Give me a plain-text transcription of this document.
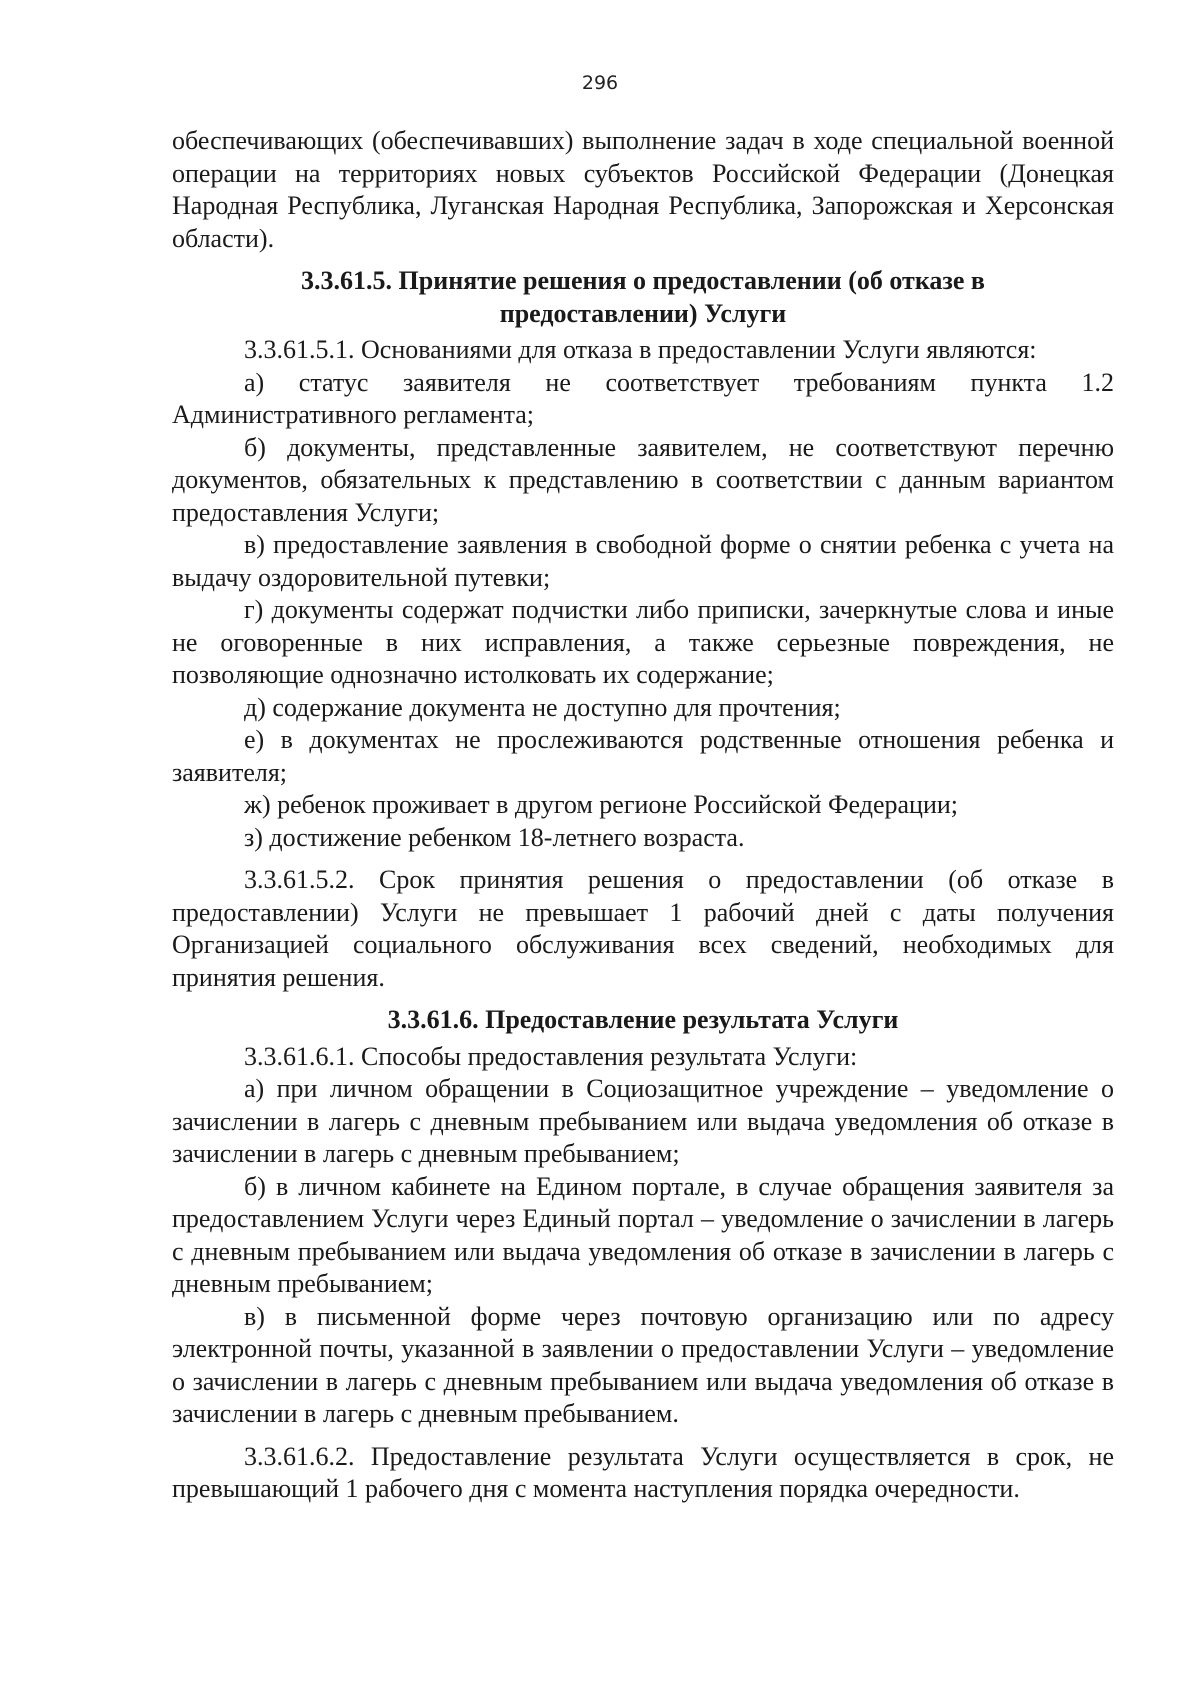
296

обеспечивающих (обеспечивавших) выполнение задач в ходе специальной военной операции на территориях новых субъектов Российской Федерации (Донецкая Народная Республика, Луганская Народная Республика, Запорожская и Херсонская области).

3.3.61.5. Принятие решения о предоставлении (об отказе в предоставлении) Услуги

3.3.61.5.1. Основаниями для отказа в предоставлении Услуги являются:

а) статус заявителя не соответствует требованиям пункта 1.2 Административного регламента;

б) документы, представленные заявителем, не соответствуют перечню документов, обязательных к представлению в соответствии с данным вариантом предоставления Услуги;

в) предоставление заявления в свободной форме о снятии ребенка с учета на выдачу оздоровительной путевки;

г) документы содержат подчистки либо приписки, зачеркнутые слова и иные не оговоренные в них исправления, а также серьезные повреждения, не позволяющие однозначно истолковать их содержание;

д) содержание документа не доступно для прочтения;

е) в документах не прослеживаются родственные отношения ребенка и заявителя;

ж) ребенок проживает в другом регионе Российской Федерации;

з) достижение ребенком 18-летнего возраста.

3.3.61.5.2. Срок принятия решения о предоставлении (об отказе в предоставлении) Услуги не превышает 1 рабочий дней с даты получения Организацией социального обслуживания всех сведений, необходимых для принятия решения.

3.3.61.6. Предоставление результата Услуги

3.3.61.6.1. Способы предоставления результата Услуги:

а) при личном обращении в Социозащитное учреждение – уведомление о зачислении в лагерь с дневным пребыванием или выдача уведомления об отказе в зачислении в лагерь с дневным пребыванием;

б) в личном кабинете на Едином портале, в случае обращения заявителя за предоставлением Услуги через Единый портал – уведомление о зачислении в лагерь с дневным пребыванием или выдача уведомления об отказе в зачислении в лагерь с дневным пребыванием;

в) в письменной форме через почтовую организацию или по адресу электронной почты, указанной в заявлении о предоставлении Услуги – уведомление о зачислении в лагерь с дневным пребыванием или выдача уведомления об отказе в зачислении в лагерь с дневным пребыванием.

3.3.61.6.2. Предоставление результата Услуги осуществляется в срок, не превышающий 1 рабочего дня с момента наступления порядка очередности.
